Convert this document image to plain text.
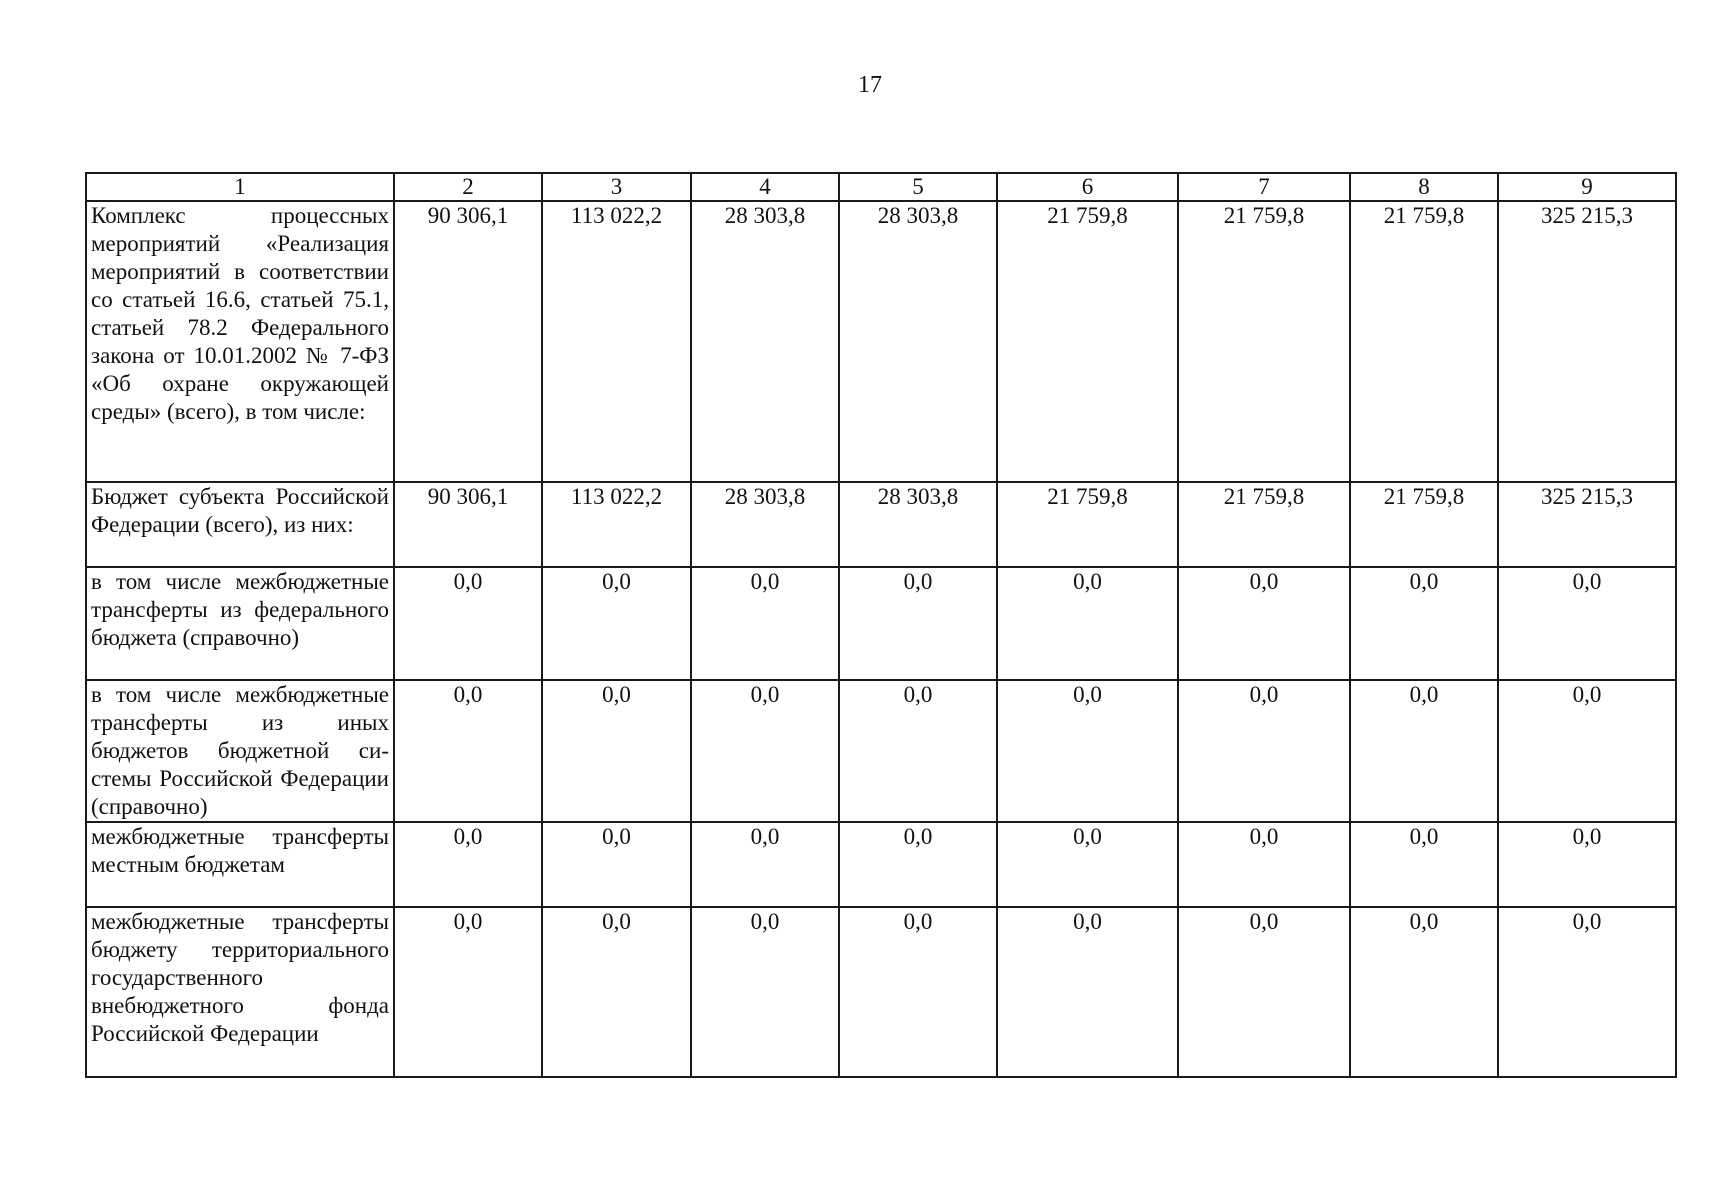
17
1	2	3	4	5	6	7	8	9
Комплекс процессных мероприятий «Реализация мероприятий в соответствии со статьей 16.6, статьей 75.1, статьей 78.2 Федерального закона от 10.01.2002 № 7-ФЗ «Об охране окружающей среды» (всего), в том числе:	90 306,1	113 022,2	28 303,8	28 303,8	21 759,8	21 759,8	21 759,8	325 215,3
Бюджет субъекта Российской Федерации (всего), из них:	90 306,1	113 022,2	28 303,8	28 303,8	21 759,8	21 759,8	21 759,8	325 215,3
в том числе межбюджетные трансферты из федерального бюджета (справочно)	0,0	0,0	0,0	0,0	0,0	0,0	0,0	0,0
в том числе межбюджетные трансферты из иных бюджетов бюджетной системы Российской Федерации (справочно)	0,0	0,0	0,0	0,0	0,0	0,0	0,0	0,0
межбюджетные трансферты местным бюджетам	0,0	0,0	0,0	0,0	0,0	0,0	0,0	0,0
межбюджетные трансферты бюджету территориального государственного внебюджетного фонда Российской Федерации	0,0	0,0	0,0	0,0	0,0	0,0	0,0	0,0
